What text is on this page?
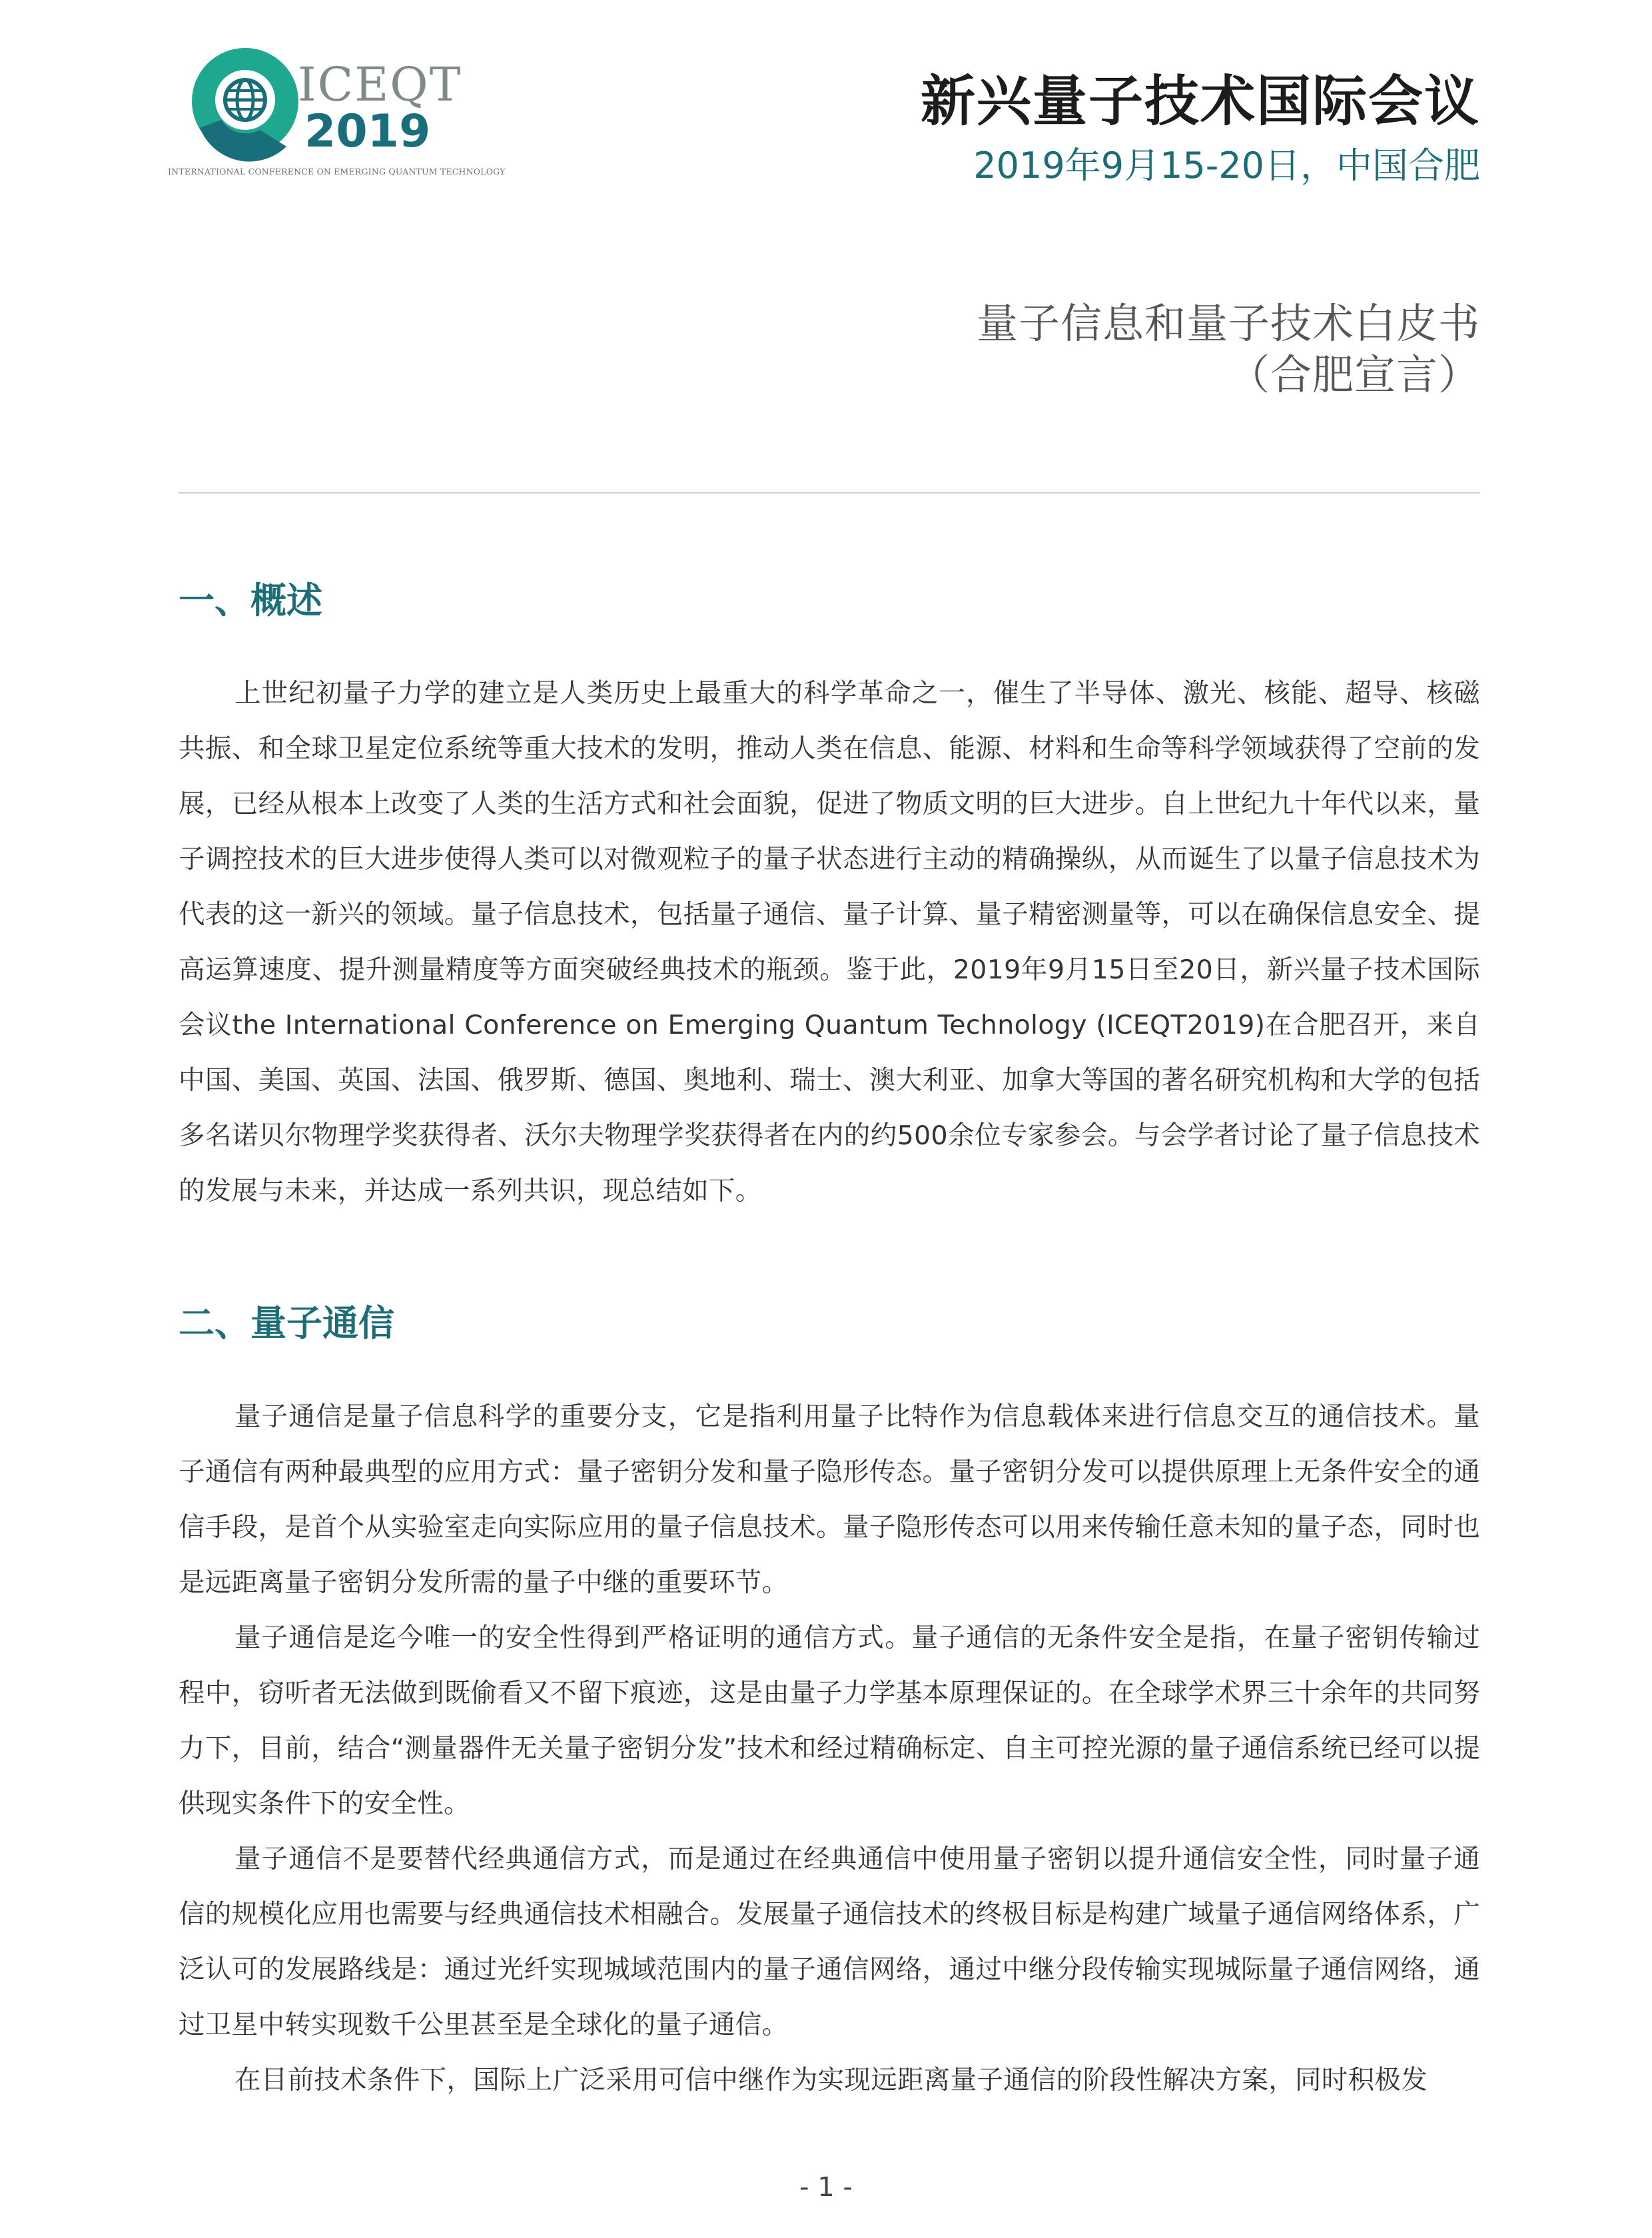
ICEQT
2019
INTERNATIONAL CONFERENCE ON EMERGING QUANTUM TECHNOLOGY
新兴量子技术国际会议
2019年9月15-20日，中国合肥
量子信息和量子技术白皮书
（合肥宣言）
一、概述

上世纪初量子力学的建立是人类历史上最重大的科学革命之一，催生了半导体、激光、核能、超导、核磁共振、和全球卫星定位系统等重大技术的发明，推动人类在信息、能源、材料和生命等科学领域获得了空前的发展，已经从根本上改变了人类的生活方式和社会面貌，促进了物质文明的巨大进步。自上世纪九十年代以来，量子调控技术的巨大进步使得人类可以对微观粒子的量子状态进行主动的精确操纵，从而诞生了以量子信息技术为代表的这一新兴的领域。量子信息技术，包括量子通信、量子计算、量子精密测量等，可以在确保信息安全、提高运算速度、提升测量精度等方面突破经典技术的瓶颈。鉴于此，2019年9月15日至20日，新兴量子技术国际会议the International Conference on Emerging Quantum Technology (ICEQT2019)在合肥召开，来自中国、美国、英国、法国、俄罗斯、德国、奥地利、瑞士、澳大利亚、加拿大等国的著名研究机构和大学的包括多名诺贝尔物理学奖获得者、沃尔夫物理学奖获得者在内的约500余位专家参会。与会学者讨论了量子信息技术的发展与未来，并达成一系列共识，现总结如下。

二、量子通信

量子通信是量子信息科学的重要分支，它是指利用量子比特作为信息载体来进行信息交互的通信技术。量子通信有两种最典型的应用方式：量子密钥分发和量子隐形传态。量子密钥分发可以提供原理上无条件安全的通信手段，是首个从实验室走向实际应用的量子信息技术。量子隐形传态可以用来传输任意未知的量子态，同时也是远距离量子密钥分发所需的量子中继的重要环节。

量子通信是迄今唯一的安全性得到严格证明的通信方式。量子通信的无条件安全是指，在量子密钥传输过程中，窃听者无法做到既偷看又不留下痕迹，这是由量子力学基本原理保证的。在全球学术界三十余年的共同努力下，目前，结合“测量器件无关量子密钥分发”技术和经过精确标定、自主可控光源的量子通信系统已经可以提供现实条件下的安全性。

量子通信不是要替代经典通信方式，而是通过在经典通信中使用量子密钥以提升通信安全性，同时量子通信的规模化应用也需要与经典通信技术相融合。发展量子通信技术的终极目标是构建广域量子通信网络体系，广泛认可的发展路线是：通过光纤实现城域范围内的量子通信网络，通过中继分段传输实现城际量子通信网络，通过卫星中转实现数千公里甚至是全球化的量子通信。

在目前技术条件下，国际上广泛采用可信中继作为实现远距离量子通信的阶段性解决方案，同时积极发

- 1 -
